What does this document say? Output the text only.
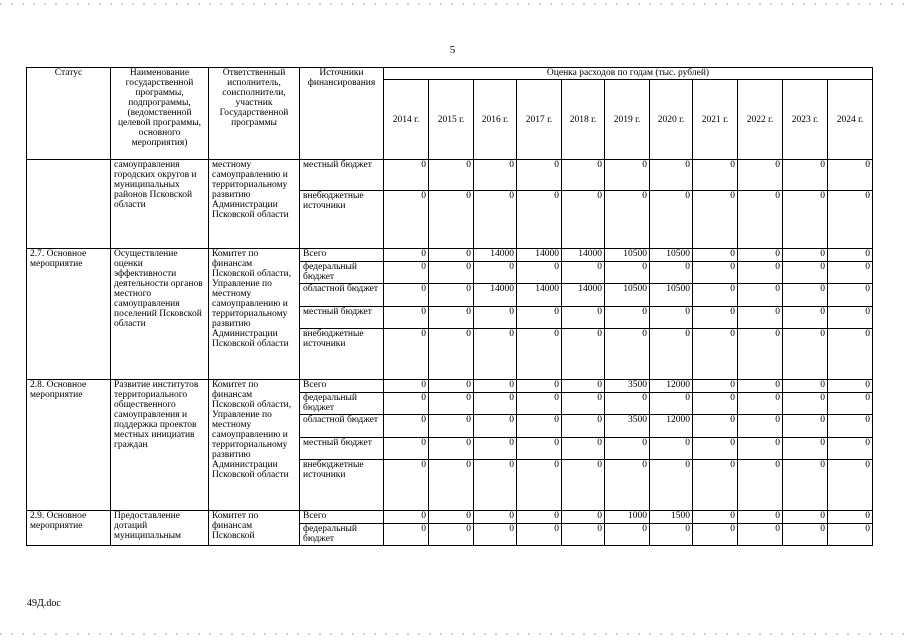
5
Статус	Наименование государственной программы, подпрограммы, (ведомственной целевой программы, основного мероприятия)	Ответственный исполнитель, соисполнители, участник Государственной программы	Источники финансирования	Оценка расходов по годам (тыс. рублей)										
				2014 г.	2015 г.	2016 г.	2017 г.	2018 г.	2019 г.	2020 г.	2021 г.	2022 г.	2023 г.	2024 г.
	самоуправления городских округов и муниципальных районов Псковской области	местному самоуправлению и территориальному развитию Администрации Псковской области	местный бюджет	0	0	0	0	0	0	0	0	0	0	0
			внебюджетные источники	0	0	0	0	0	0	0	0	0	0	0
2.7. Основное мероприятие	Осуществление оценки эффективности деятельности органов местного самоуправления поселений Псковской области	Комитет по финансам Псковской области, Управление по местному самоуправлению и территориальному развитию Администрации Псковской области	Всего	0	0	14000	14000	14000	10500	10500	0	0	0	0
			федеральный бюджет	0	0	0	0	0	0	0	0	0	0	0
			областной бюджет	0	0	14000	14000	14000	10500	10500	0	0	0	0
			местный бюджет	0	0	0	0	0	0	0	0	0	0	0
			внебюджетные источники	0	0	0	0	0	0	0	0	0	0	0
2.8. Основное мероприятие	Развитие институтов территориального общественного самоуправления и поддержка проектов местных инициатив граждан	Комитет по финансам Псковской области, Управление по местному самоуправлению и территориальному развитию Администрации Псковской области	Всего	0	0	0	0	0	3500	12000	0	0	0	0
			федеральный бюджет	0	0	0	0	0	0	0	0	0	0	0
			областной бюджет	0	0	0	0	0	3500	12000	0	0	0	0
			местный бюджет	0	0	0	0	0	0	0	0	0	0	0
			внебюджетные источники	0	0	0	0	0	0	0	0	0	0	0
2.9. Основное мероприятие	Предоставление дотаций муниципальным	Комитет по финансам Псковской	Всего	0	0	0	0	0	1000	1500	0	0	0	0
			федеральный бюджет	0	0	0	0	0	0	0	0	0	0	0
49Д.doc
